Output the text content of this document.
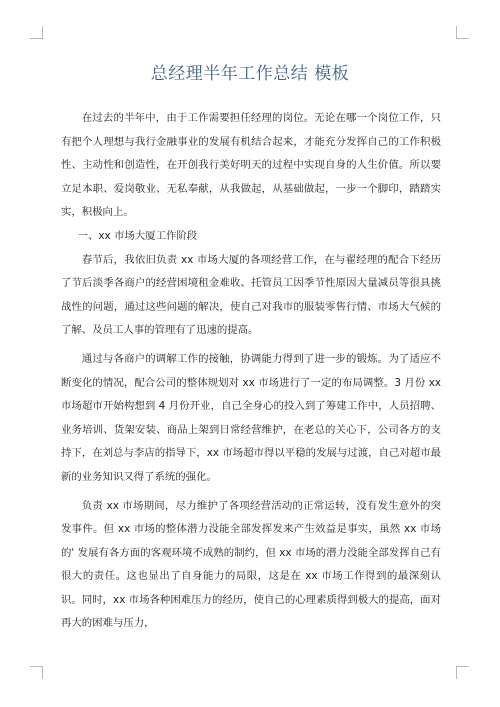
总经理半年工作总结 模板

在过去的半年中，由于工作需要担任经理的岗位。无论在哪一个岗位工作，只有把个人理想与我行金融事业的发展有机结合起来，才能充分发挥自己的工作积极性、主动性和创造性，在开创我行美好明天的过程中实现自身的人生价值。所以要立足本职、爱岗敬业、无私奉献，从我做起，从基础做起，一步一个脚印，踏踏实实，积极向上。

一、xx 市场大厦工作阶段

春节后，我依旧负责 xx 市场大厦的各项经营工作，在与翟经理的配合下经历了节后淡季各商户的经营困境租金难收、托管员工因季节性原因大量减员等很具挑战性的问题，通过这些问题的解决，使自己对我市的服装零售行情、市场大气候的了解、及员工人事的管理有了迅速的提高。

通过与各商户的调解工作的接触，协调能力得到了进一步的锻炼。为了适应不断变化的情况，配合公司的整体规划对 xx 市场进行了一定的布局调整。3 月份 xx 市场超市开始构想到 4 月份开业，自己全身心的投入到了筹建工作中，人员招聘、业务培训、货架安装、商品上架到日常经营维护，在老总的关心下，公司各方的支持下，在刘总与李店的指导下，xx 市场超市得以平稳的发展与过渡，自己对超市最新的业务知识又得了系统的强化。

负责 xx 市场期间，尽力维护了各项经营活动的正常运转，没有发生意外的突发事件。但 xx 市场的整体潜力没能全部发挥发来产生效益是事实，虽然 xx 市场的' 发展有各方面的客观环境不成熟的制约，但 xx 市场的潜力没能全部发挥自己有很大的责任。这也显出了自身能力的局限，这是在 xx 市场工作得到的最深刻认识。同时，xx 市场各种困难压力的经历，使自己的心理素质得到极大的提高，面对再大的困难与压力，
